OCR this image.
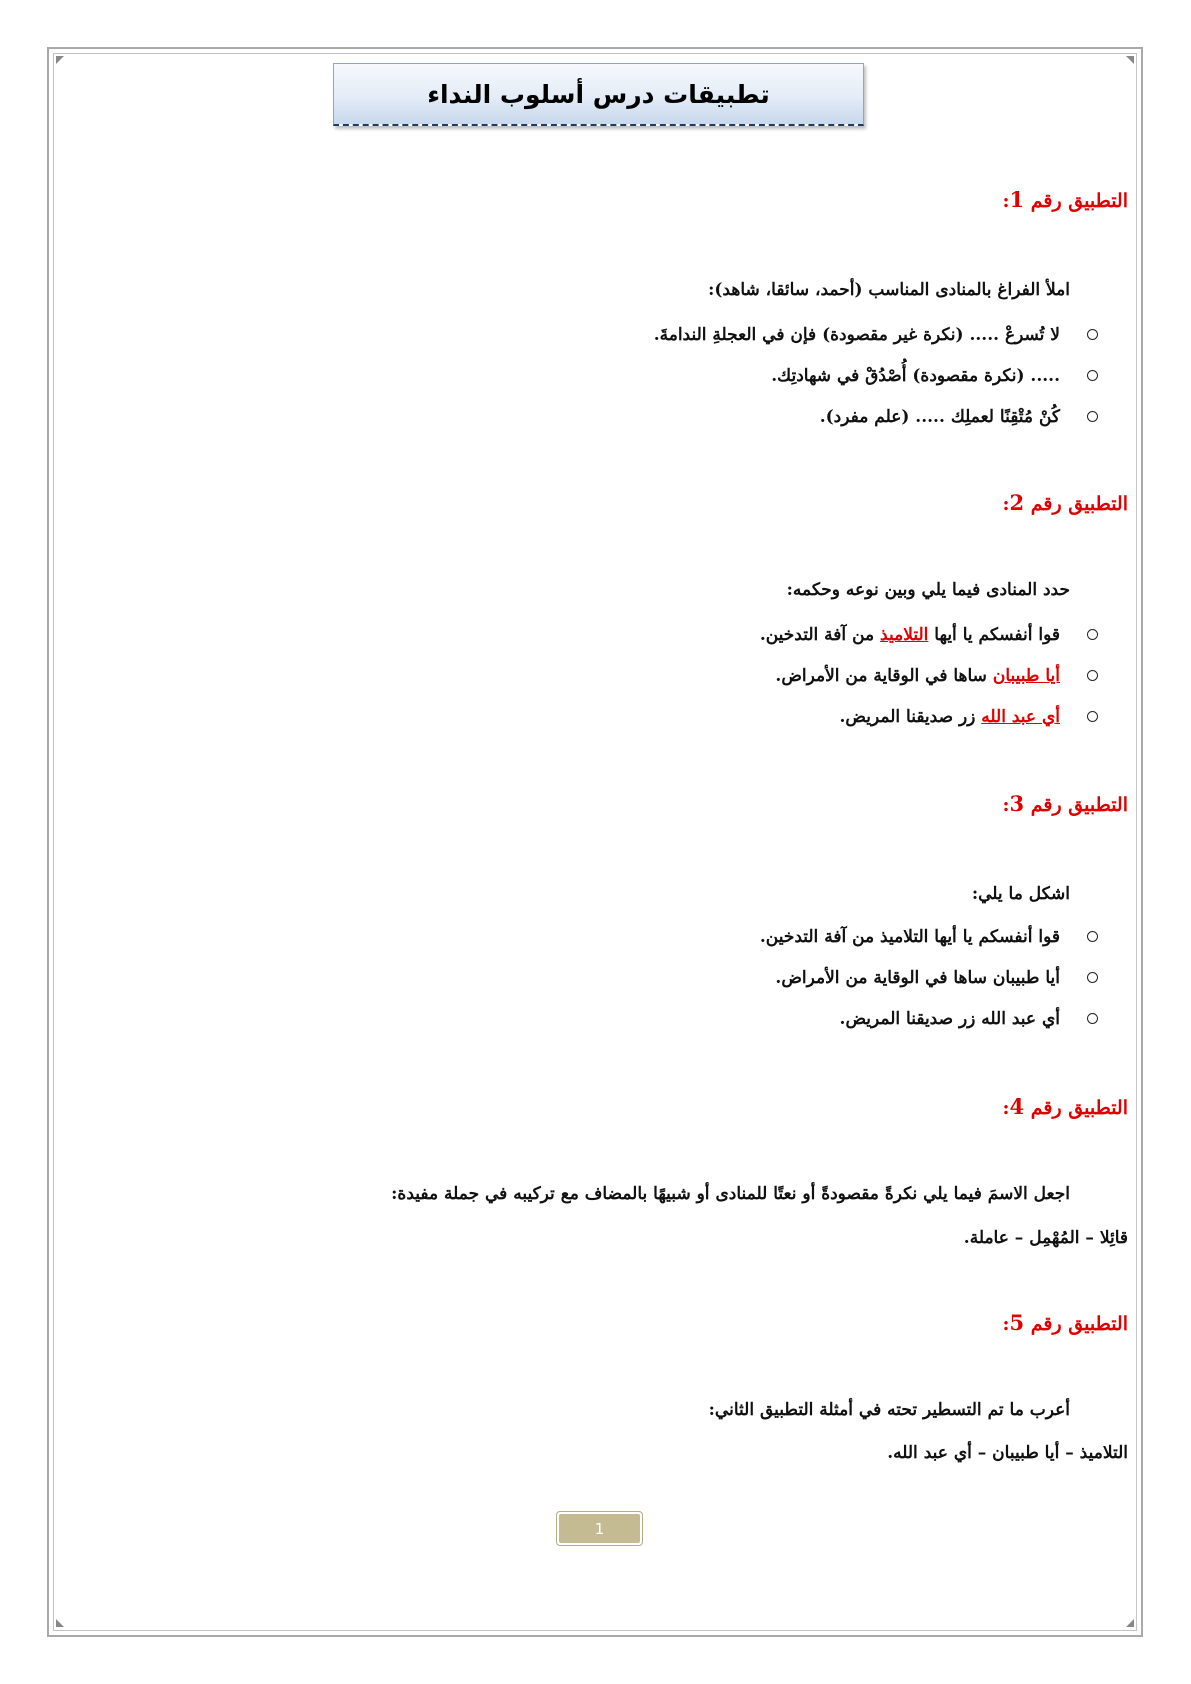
تطبيقات درس أسلوب النداء
التطبيق رقم 1:
املأ الفراغ بالمنادى المناسب (أحمد، سائقا، شاهد):
لا تُسرعْ ..... (نكرة غير مقصودة) فإن في العجلةِ الندامةَ.
..... (نكرة مقصودة) أُصْدُقْ في شهادتِك.
كُنْ مُتْقِنًا لعملِك ..... (علم مفرد).
التطبيق رقم 2:
حدد المنادى فيما يلي وبين نوعه وحكمه:
قوا أنفسكم يا أيها التلاميذ من آفة التدخين.
أيا طبيبان ساها في الوقاية من الأمراض.
أي عبد الله زر صديقنا المريض.
التطبيق رقم 3:
اشكل ما يلي:
قوا أنفسكم يا أيها التلاميذ من آفة التدخين.
أيا طبيبان ساها في الوقاية من الأمراض.
أي عبد الله زر صديقنا المريض.
التطبيق رقم 4:
اجعل الاسمَ فيما يلي نكرةً مقصودةً أو نعتًا للمنادى أو شبيهًا بالمضاف مع تركيبه في جملة مفيدة:
قائِلا – المُهْمِل – عاملة.
التطبيق رقم 5:
أعرب ما تم التسطير تحته في أمثلة التطبيق الثاني:
التلاميذ – أيا طبيبان – أي عبد الله.
1
